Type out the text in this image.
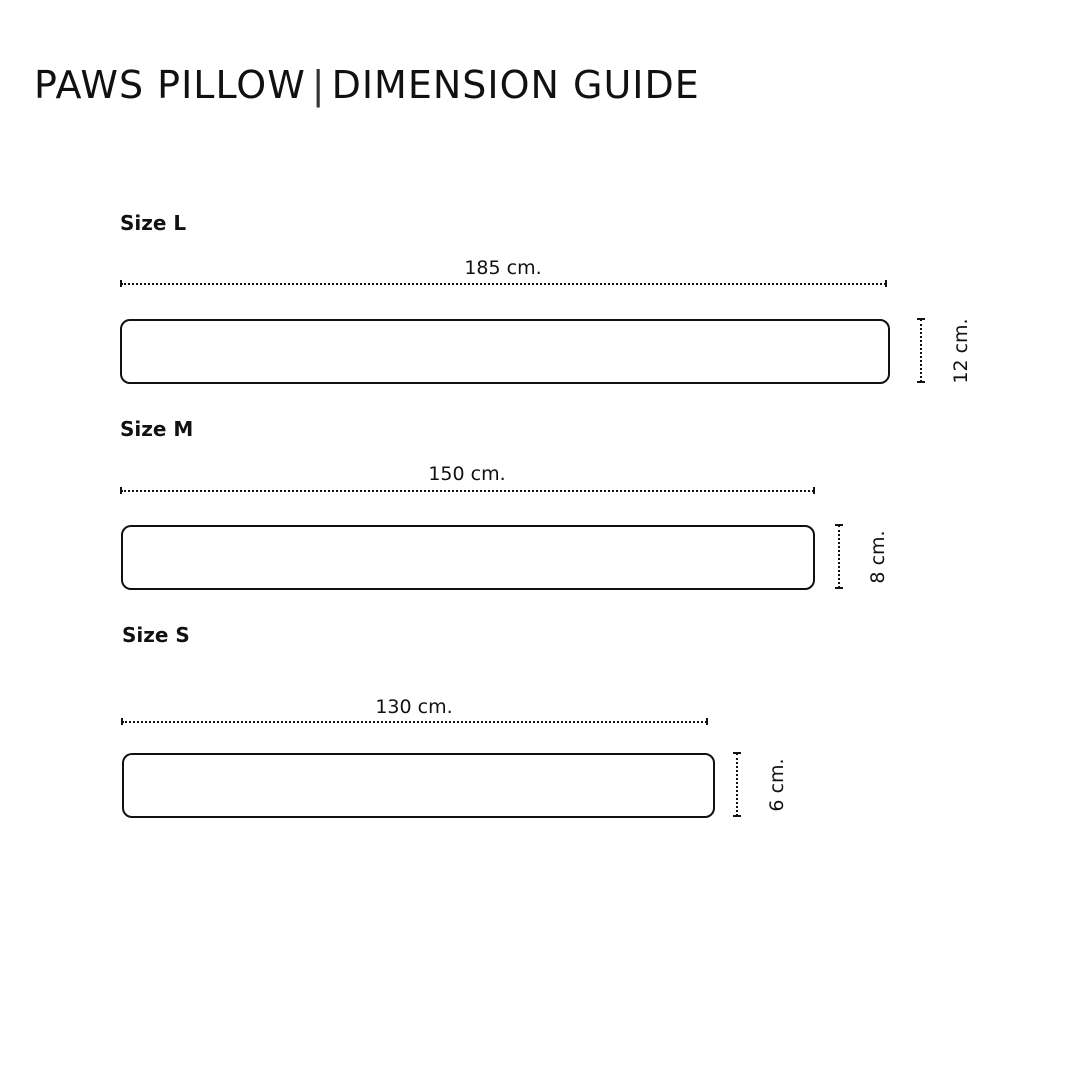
PAWS PILLOW | DIMENSION GUIDE
Size L
185 cm.
12 cm.
Size M
150 cm.
8 cm.
Size S
130 cm.
6 cm.
